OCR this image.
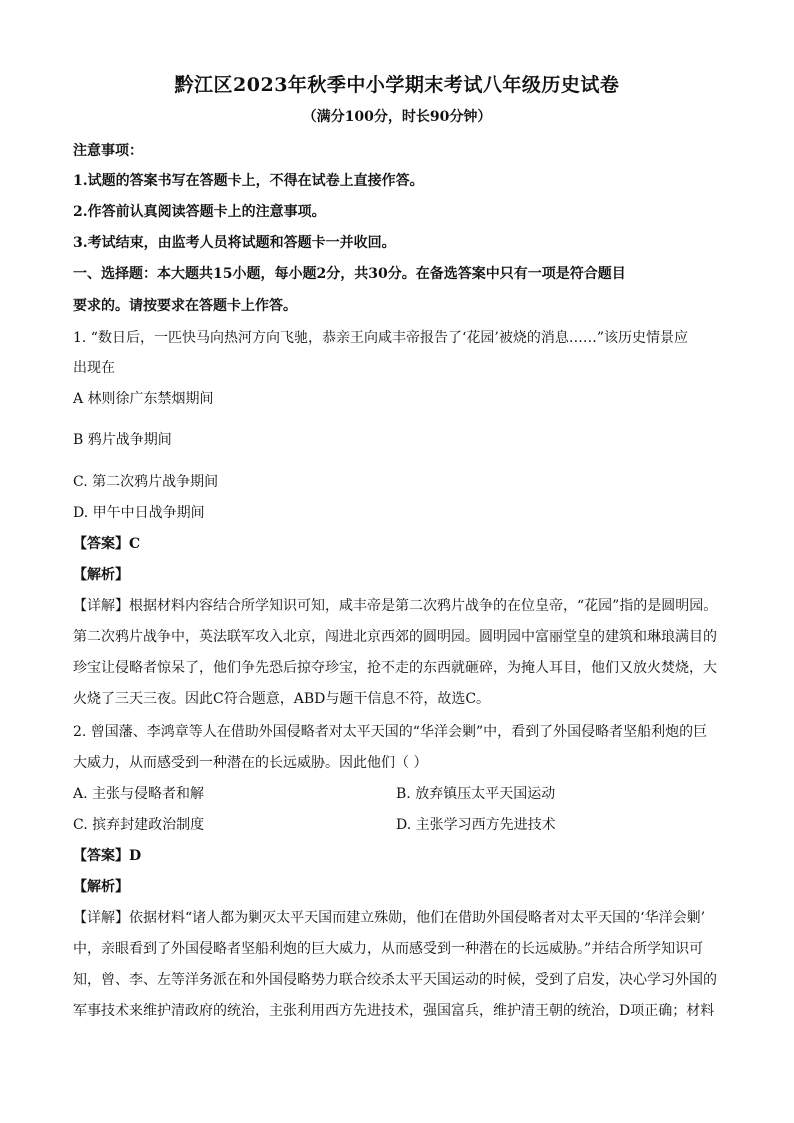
黔江区2023年秋季中小学期末考试八年级历史试卷
（满分100分，时长90分钟）
注意事项：
1.试题的答案书写在答题卡上，不得在试卷上直接作答。
2.作答前认真阅读答题卡上的注意事项。
3.考试结束，由监考人员将试题和答题卡一并收回。
一、选择题：本大题共15小题，每小题2分，共30分。在备选答案中只有一项是符合题目
要求的。请按要求在答题卡上作答。
1. “数日后，一匹快马向热河方向飞驰，恭亲王向咸丰帝报告了‘花园’被烧的消息……”该历史情景应
出现在
A 林则徐广东禁烟期间
B 鸦片战争期间
C. 第二次鸦片战争期间
D. 甲午中日战争期间
【答案】C
【解析】
【详解】根据材料内容结合所学知识可知，咸丰帝是第二次鸦片战争的在位皇帝，“花园”指的是圆明园。
第二次鸦片战争中，英法联军攻入北京，闯进北京西郊的圆明园。圆明园中富丽堂皇的建筑和琳琅满目的
珍宝让侵略者惊呆了，他们争先恐后掠夺珍宝，抢不走的东西就砸碎，为掩人耳目，他们又放火焚烧，大
火烧了三天三夜。因此C符合题意，ABD与题干信息不符，故选C。
2. 曾国藩、李鸿章等人在借助外国侵略者对太平天国的“华洋会剿”中，看到了外国侵略者坚船利炮的巨
大威力，从而感受到一种潜在的长远威胁。因此他们（ ）
A. 主张与侵略者和解	B. 放弃镇压太平天国运动
C. 摈弃封建政治制度	D. 主张学习西方先进技术
【答案】D
【解析】
【详解】依据材料“诸人都为剿灭太平天国而建立殊勋，他们在借助外国侵略者对太平天国的‘华洋会剿’
中，亲眼看到了外国侵略者坚船利炮的巨大威力，从而感受到一种潜在的长远威胁。”并结合所学知识可
知，曾、李、左等洋务派在和外国侵略势力联合绞杀太平天国运动的时候，受到了启发，决心学习外国的
军事技术来维护清政府的统治，主张利用西方先进技术，强国富兵，维护清王朝的统治，D项正确；材料
